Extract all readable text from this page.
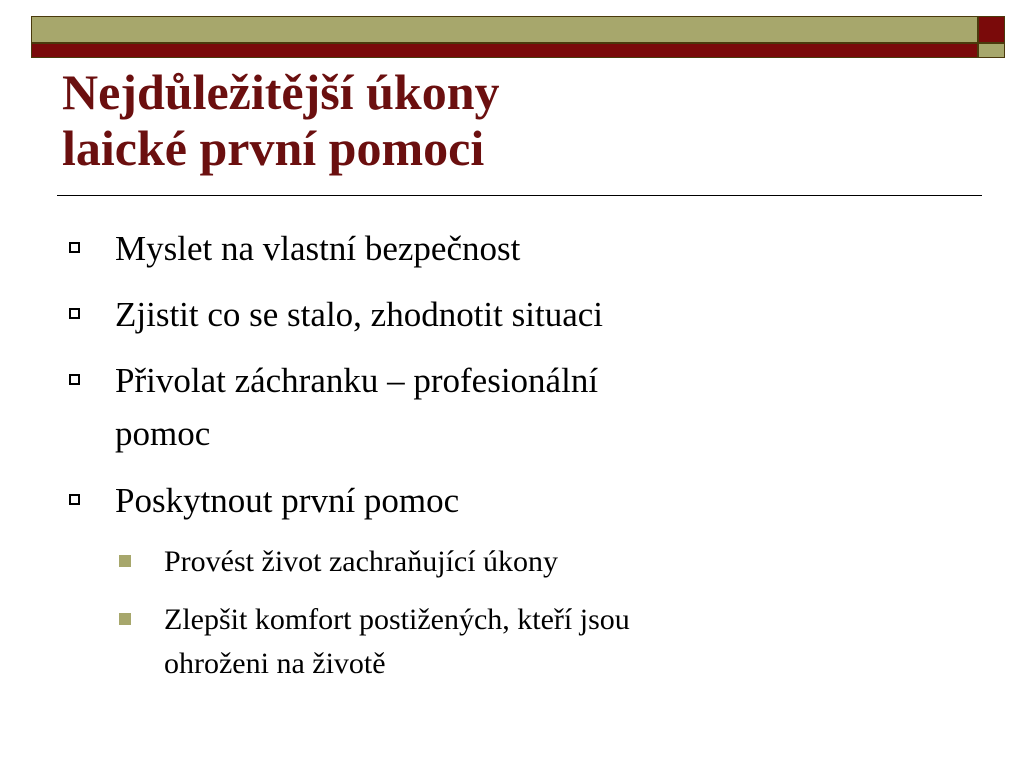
Nejdůležitější úkony
laické první pomoci
Myslet na vlastní bezpečnost
Zjistit co se stalo, zhodnotit situaci
Přivolat záchranku – profesionální
pomoc
Poskytnout první pomoc
Provést život zachraňující úkony
Zlepšit komfort postižených, kteří jsou
ohroženi na životě
